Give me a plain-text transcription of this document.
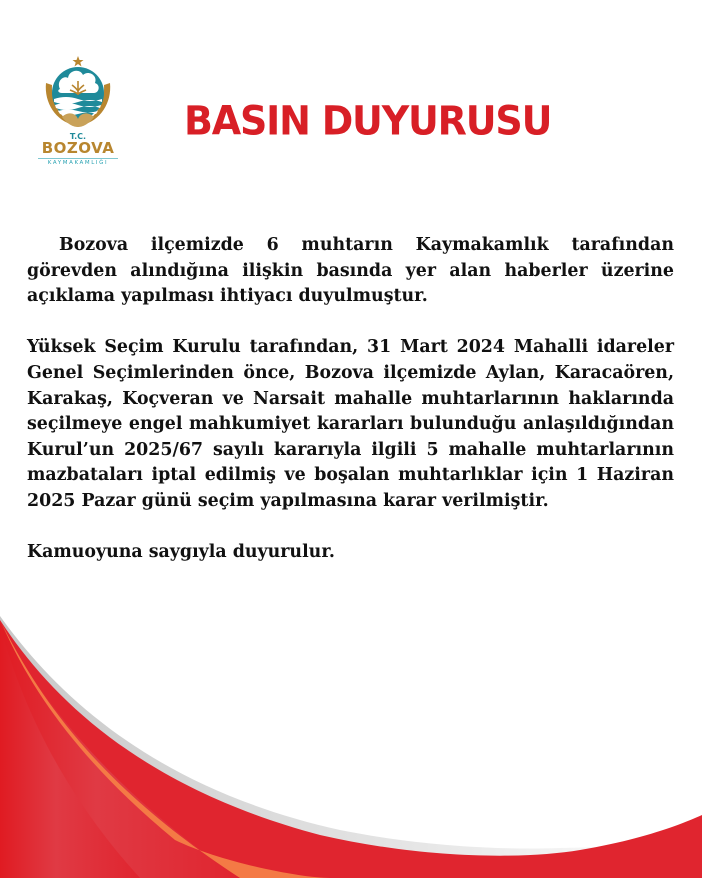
T.C.
BOZOVA
KAYMAKAMLIĞI
BASIN DUYURUSU

Bozova ilçemizde 6 muhtarın Kaymakamlık tarafından görevden alındığına ilişkin basında yer alan haberler üzerine açıklama yapılması ihtiyacı duyulmuştur.

Yüksek Seçim Kurulu tarafından, 31 Mart 2024 Mahalli idareler Genel Seçimlerinden önce, Bozova ilçemizde Aylan, Karacaören, Karakaş, Koçveran ve Narsait mahalle muhtarlarının haklarında seçilmeye engel mahkumiyet kararları bulunduğu anlaşıldığından Kurul’un 2025/67 sayılı kararıyla ilgili 5 mahalle muhtarlarının mazbataları iptal edilmiş ve boşalan muhtarlıklar için 1 Haziran 2025 Pazar günü seçim yapılmasına karar verilmiştir.

Kamuoyuna saygıyla duyurulur.
